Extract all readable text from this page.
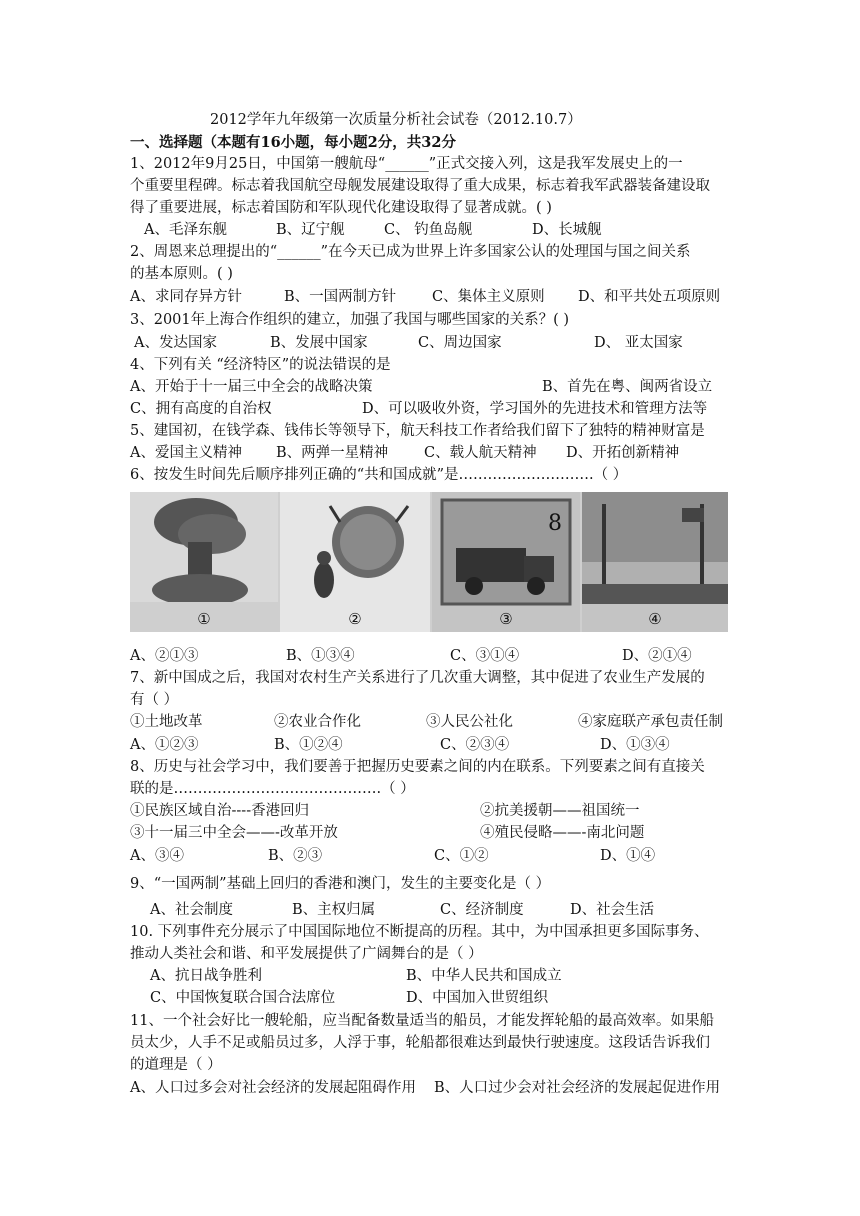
2012学年九年级第一次质量分析社会试卷（2012.10.7）
一、选择题（本题有16小题，每小题2分，共32分
1、2012年9月25日，中国第一艘航母“______”正式交接入列，这是我军发展史上的一
个重要里程碑。标志着我国航空母舰发展建设取得了重大成果，标志着我军武器装备建设取
得了重要进展，标志着国防和军队现代化建设取得了显著成就。( )
A、毛泽东舰	B、辽宁舰	C、 钓鱼岛舰	D、长城舰
2、周恩来总理提出的“______”在今天已成为世界上许多国家公认的处理国与国之间关系
的基本原则。( )
A、求同存异方针	B、一国两制方针 C、集体主义原则 D、和平共处五项原则
3、2001年上海合作组织的建立，加强了我国与哪些国家的关系？( )
A、发达国家	B、发展中国家	C、周边国家	D、 亚太国家
4、下列有关 “经济特区”的说法错误的是
A、开始于十一届三中全会的战略决策	B、首先在粤、闽两省设立
C、拥有高度的自治权	D、可以吸收外资，学习国外的先进技术和管理方法等
5、建国初，在钱学森、钱伟长等领导下，航天科技工作者给我们留下了独特的精神财富是
A、爱国主义精神 B、两弹一星精神 C、载人航天精神 D、开拓创新精神
6、按发生时间先后顺序排列正确的“共和国成就”是……………………….（ ）
①	②
8
③	④
A、②①③	B、①③④	C、③①④	D、②①④
7、新中国成之后，我国对农村生产关系进行了几次重大调整，其中促进了农业生产发展的
有（ ）
①土地改革	②农业合作化	③人民公社化	④家庭联产承包责任制
A、①②③	B、①②④	C、②③④	D、①③④
8、历史与社会学习中，我们要善于把握历史要素之间的内在联系。下列要素之间有直接关
联的是…………………………………….（ ）
①民族区域自治----香港回归	②抗美援朝——祖国统一
③十一届三中全会——-改革开放	④殖民侵略——-南北问题
A、③④	B、②③	C、①②	D、①④
9、“一国两制”基础上回归的香港和澳门，发生的主要变化是（ ）
A、社会制度	B、主权归属	C、经济制度	D、社会生活
10. 下列事件充分展示了中国国际地位不断提高的历程。其中，为中国承担更多国际事务、
推动人类社会和谐、和平发展提供了广阔舞台的是（ ）
A、抗日战争胜利	B、中华人民共和国成立
C、中国恢复联合国合法席位	D、中国加入世贸组织
11、一个社会好比一艘轮船，应当配备数量适当的船员，才能发挥轮船的最高效率。如果船
员太少，人手不足或船员过多，人浮于事，轮船都很难达到最快行驶速度。这段话告诉我们
的道理是（ ）
A、人口过多会对社会经济的发展起阻碍作用 B、人口过少会对社会经济的发展起促进作用
